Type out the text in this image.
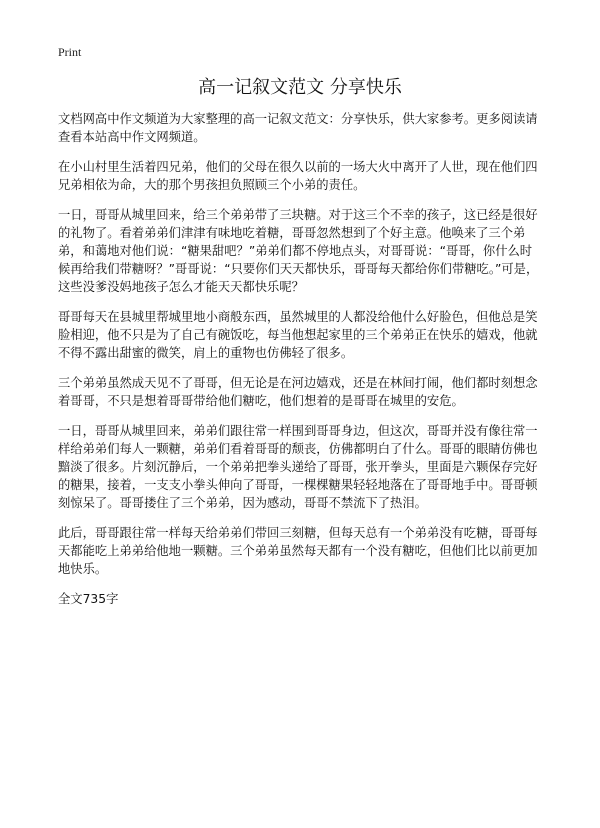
Print
高一记叙文范文 分享快乐

文档网高中作文频道为大家整理的高一记叙文范文：分享快乐，供大家参考。更多阅读请查看本站高中作文网频道。

在小山村里生活着四兄弟，他们的父母在很久以前的一场大火中离开了人世，现在他们四兄弟相依为命，大的那个男孩担负照顾三个小弟的责任。

一日，哥哥从城里回来，给三个弟弟带了三块糖。对于这三个不幸的孩子，这已经是很好的礼物了。看着弟弟们津津有味地吃着糖，哥哥忽然想到了个好主意。他唤来了三个弟弟，和蔼地对他们说：“糖果甜吧？”弟弟们都不停地点头，对哥哥说：“哥哥，你什么时候再给我们带糖呀？”哥哥说：“只要你们天天都快乐，哥哥每天都给你们带糖吃。”可是，这些没爹没妈地孩子怎么才能天天都快乐呢？

哥哥每天在县城里帮城里地小商般东西，虽然城里的人都没给他什么好脸色，但他总是笑脸相迎，他不只是为了自己有碗饭吃，每当他想起家里的三个弟弟正在快乐的嬉戏，他就不得不露出甜蜜的微笑，肩上的重物也仿佛轻了很多。

三个弟弟虽然成天见不了哥哥，但无论是在河边嬉戏，还是在林间打闹，他们都时刻想念着哥哥，不只是想着哥哥带给他们糖吃，他们想着的是哥哥在城里的安危。

一日，哥哥从城里回来，弟弟们跟往常一样围到哥哥身边，但这次，哥哥并没有像往常一样给弟弟们每人一颗糖，弟弟们看着哥哥的颓丧，仿佛都明白了什么。哥哥的眼睛仿佛也黯淡了很多。片刻沉静后，一个弟弟把拳头递给了哥哥，张开拳头，里面是六颗保存完好的糖果，接着，一支支小拳头伸向了哥哥，一棵棵糖果轻轻地落在了哥哥地手中。哥哥顿刻惊呆了。哥哥搂住了三个弟弟，因为感动，哥哥不禁流下了热泪。

此后，哥哥跟往常一样每天给弟弟们带回三刻糖，但每天总有一个弟弟没有吃糖，哥哥每天都能吃上弟弟给他地一颗糖。三个弟弟虽然每天都有一个没有糖吃，但他们比以前更加地快乐。

全文735字
